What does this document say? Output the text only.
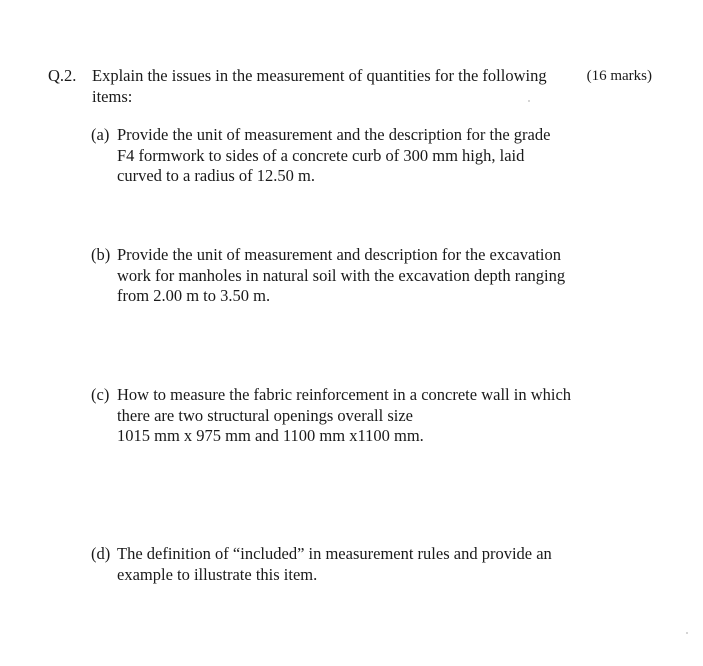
Q.2. Explain the issues in the measurement of quantities for the following	(16 marks)
items:
(a) Provide the unit of measurement and the description for the grade
F4 formwork to sides of a concrete curb of 300 mm high, laid
curved to a radius of 12.50 m.
(b) Provide the unit of measurement and description for the excavation
work for manholes in natural soil with the excavation depth ranging
from 2.00 m to 3.50 m.
(c) How to measure the fabric reinforcement in a concrete wall in which
there are two structural openings overall size
1015 mm x 975 mm and 1100 mm x1100 mm.
(d) The definition of “included” in measurement rules and provide an
example to illustrate this item.
